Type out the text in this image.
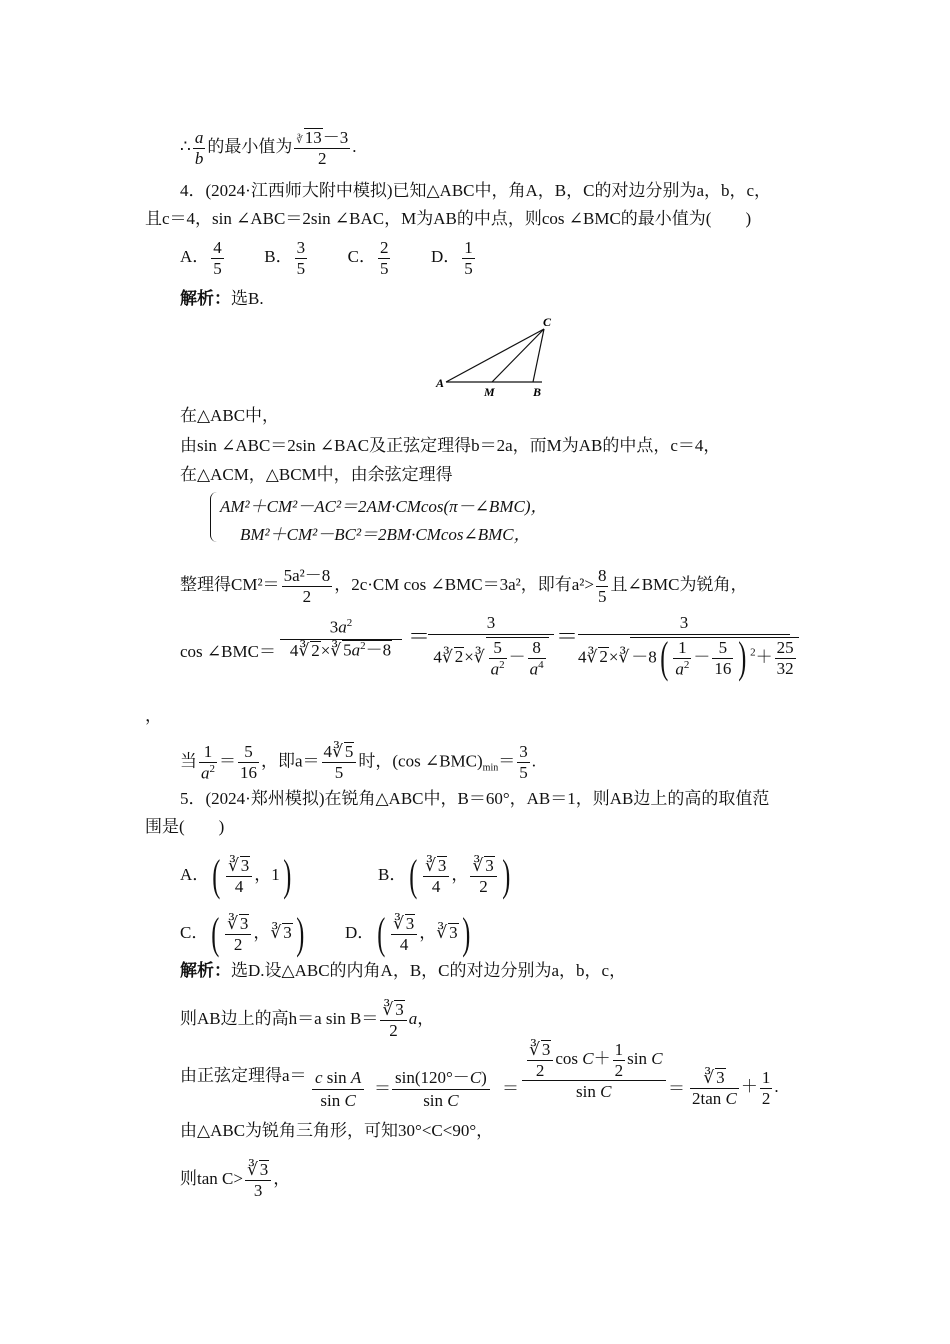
∴ $\frac{a}{b}$ 的最小值为 $\frac{∛ 13-3}{2}$ .
4．(2024·江西师大附中模拟)已知△ABC中，角A，B，C的对边分别为a，b，c，
且c＝4，sin ∠ABC＝2sin ∠BAC，M为AB的中点，则cos ∠BMC的最小值为(　　)
A． $\frac{4}{5}$ B． $\frac{3}{5}$ C． $\frac{2}{5}$ D． $\frac{1}{5}$
解析：选B.
A
M	B
C
在△ABC中，
由sin ∠ABC＝2sin ∠BAC及正弦定理得b＝2a，而M为AB的中点，c＝4，
在△ACM，△BCM中，由余弦定理得
AM²＋CM²－AC²＝2AM·CMcos(π－∠BMC)，
BM²＋CM²－BC²＝2BM·CMcos∠BMC，
整理得$CM^2= \frac{\text{5a²－8}}{2}$ ，2c·CM cos ∠BMC＝3a²，即有$a^2> \frac{8}{5}$ 且∠BMC为锐角，
cos ∠BMC＝
$3a^2$
4∛ 2×∛ $5a^2-8$
＝
3
4∛ 2×∛ $\frac{5}{a^2} - \frac{8}{a^4}$
＝
3
4∛ 2×∛ $-8( \frac{1}{a^2} - \frac{5}{16}$ ) $^2+ \frac{25}{32}$
，
当 $\frac{1}{a^2} = \frac{5}{16}$ ，即$a= \frac{4∛ 5}{5}$ 时，(cos $\angle BMC)_{min}= \frac{3}{5}$ .
5．(2024·郑州模拟)在锐角△ABC中，B＝60°，AB＝1，则AB边上的高的取值范
围是(　　)
A．( $\frac{∛ 3}{4}$ ，1)	B．( $\frac{∛ 3}{4}$ ， $\frac{∛ 3}{2}$ )
C．( $\frac{∛ 3}{2}$ ，∛ 3) D．( $\frac{∛ 3}{4}$ ，∛ 3)
解析：选D.设△ABC的内角A，B，C的对边分别为a，b，c，
则AB边上的高h＝a $\sin B= \frac{∛ 3}{2}$ a，
由正弦定理得a＝ c sin A
sin C
＝
sin(120°－C)
sin C
＝
$\frac{∛ 3}{2}$ $\cos C+ \frac{1}{2}$ sin C
sin C	＝ $\frac{∛ 3}{\text{2tan C}} + \frac{1}{2}$ .
由△ABC为锐角三角形，可知30°<C<90°，
则$\tan C> \frac{∛ 3}{3}$ ，
